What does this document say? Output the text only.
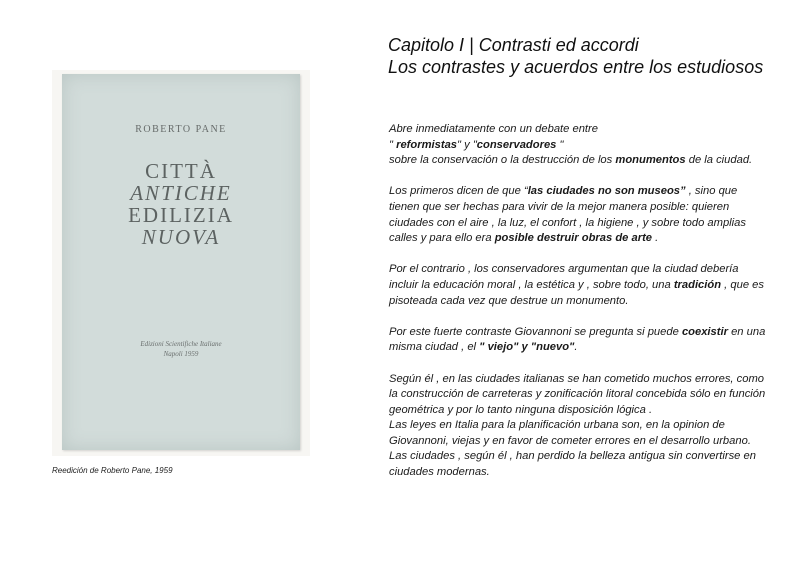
ROBERTO PANE
CITTÀ
ANTICHE
EDILIZIA
NUOVA
Edizioni Scientifiche Italiane
Napoli 1959
Reedición de Roberto Pane, 1959
Capitolo I | Contrasti ed accordi
Los contrastes y acuerdos entre los estudiosos

Abre inmediatamente con un debate entre
" reformistas" y "conservadores "
sobre la conservación o la destrucción de los monumentos de la ciudad.

Los primeros dicen de que “las ciudades no son museos” , sino que tienen que ser hechas para vivir de la mejor manera posible: quieren ciudades con el aire , la luz, el confort , la higiene , y sobre todo amplias calles y para ello era posible destruir obras de arte .

Por el contrario , los conservadores argumentan que la ciudad debería incluir la educación moral , la estética y , sobre todo, una tradición , que es pisoteada cada vez que destrue un monumento.

Por este fuerte contraste Giovannoni se pregunta si puede coexistir en una misma ciudad , el " viejo" y "nuevo".

Según él , en las ciudades italianas se han cometido muchos errores, como la construcción de carreteras y zonificación litoral concebida sólo en función geométrica y por lo tanto ninguna disposición lógica .

Las leyes en Italia para la planificación urbana son, en la opinion de Giovannoni, viejas y en favor de cometer errores en el desarrollo urbano. Las ciudades , según él , han perdido la belleza antigua sin convertirse en ciudades modernas.
